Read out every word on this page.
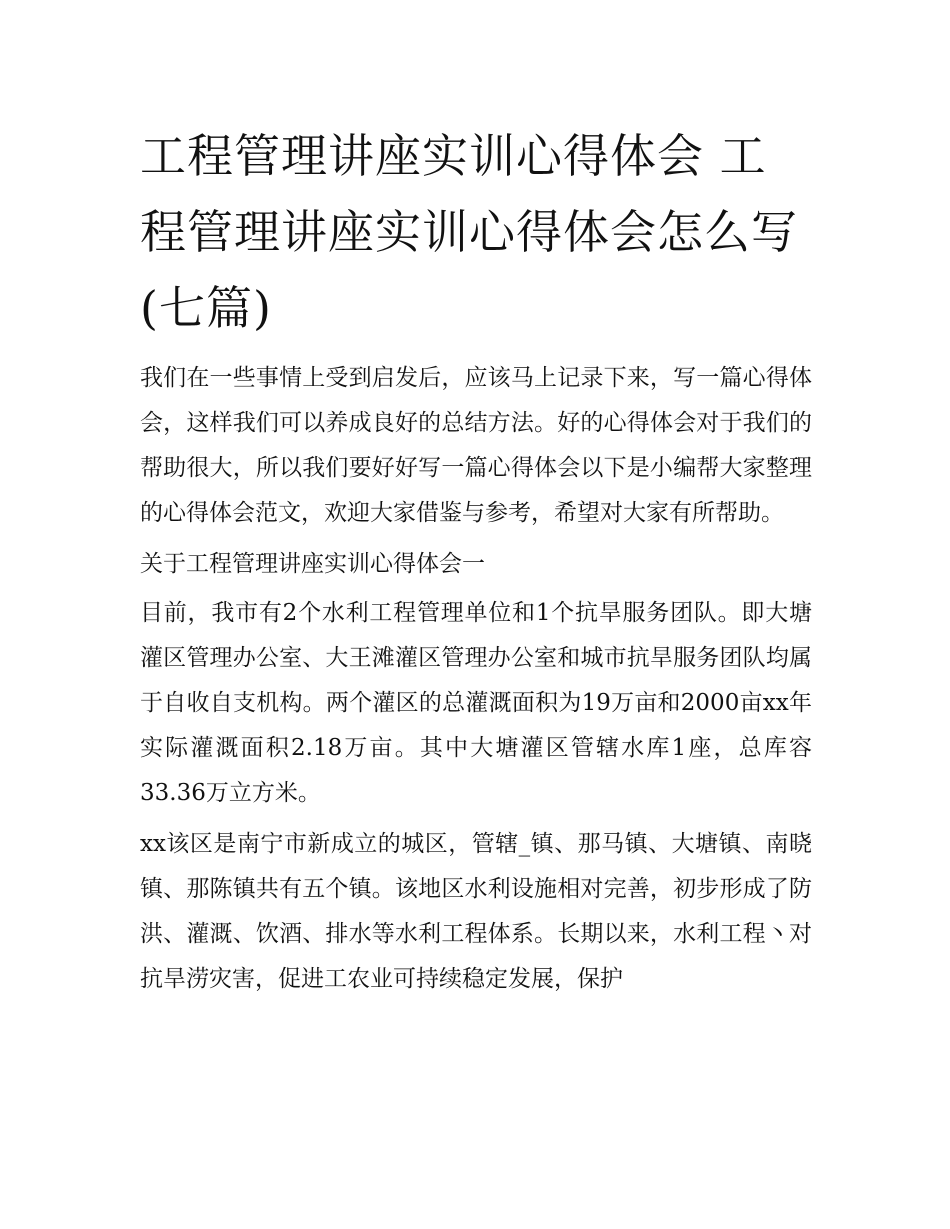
工程管理讲座实训心得体会 工程管理讲座实训心得体会怎么写(七篇)

我们在一些事情上受到启发后，应该马上记录下来，写一篇心得体会，这样我们可以养成良好的总结方法。好的心得体会对于我们的帮助很大，所以我们要好好写一篇心得体会以下是小编帮大家整理的心得体会范文，欢迎大家借鉴与参考，希望对大家有所帮助。

关于工程管理讲座实训心得体会一

目前，我市有2个水利工程管理单位和1个抗旱服务团队。即大塘灌区管理办公室、大王滩灌区管理办公室和城市抗旱服务团队均属于自收自支机构。两个灌区的总灌溉面积为19万亩和2000亩xx年实际灌溉面积2.18万亩。其中大塘灌区管辖水库1座，总库容33.36万立方米。

xx该区是南宁市新成立的城区，管辖_镇、那马镇、大塘镇、南晓镇、那陈镇共有五个镇。该地区水利设施相对完善，初步形成了防洪、灌溉、饮酒、排水等水利工程体系。长期以来，水利工程丶对抗旱涝灾害，促进工农业可持续稳定发展，保护
